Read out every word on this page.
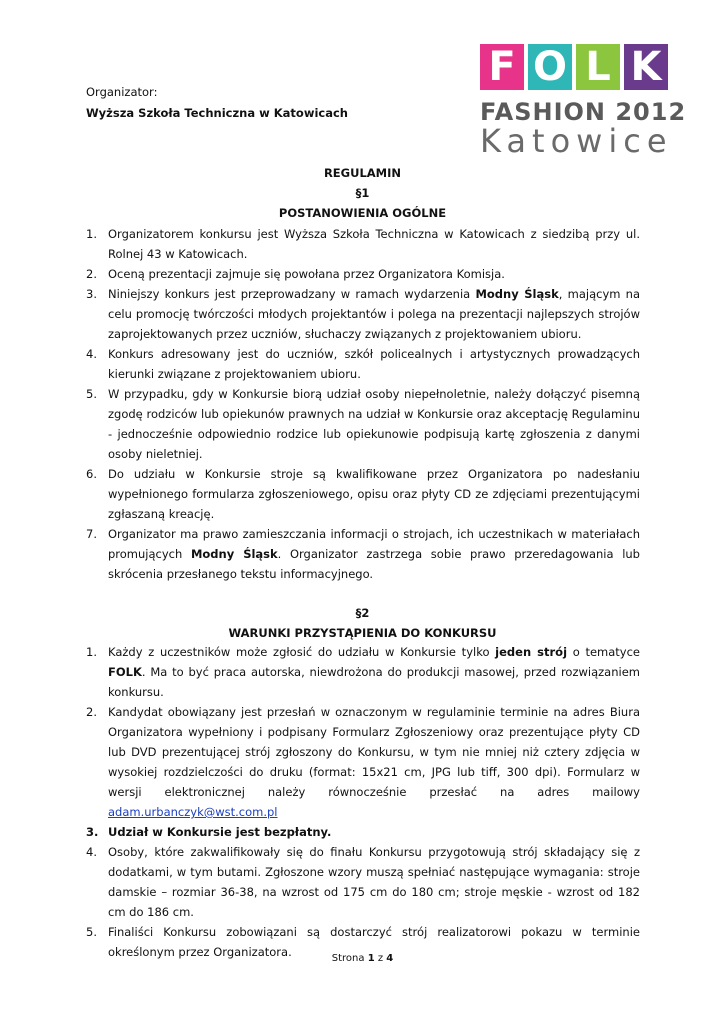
Organizator:
Wyższa Szkoła Techniczna w Katowicach
F O L K
FASHION 2012
Katowice
REGULAMIN
§1
POSTANOWIENIA OGÓLNE
1. Organizatorem konkursu jest Wyższa Szkoła Techniczna w Katowicach z siedzibą przy ul. Rolnej 43 w Katowicach.
2. Oceną prezentacji zajmuje się powołana przez Organizatora Komisja.
3. Niniejszy konkurs jest przeprowadzany w ramach wydarzenia Modny Śląsk, mającym na celu promocję twórczości młodych projektantów i polega na prezentacji najlepszych strojów zaprojektowanych przez uczniów, słuchaczy związanych z projektowaniem ubioru.
4. Konkurs adresowany jest do uczniów, szkół policealnych i artystycznych prowadzących kierunki związane z projektowaniem ubioru.
5. W przypadku, gdy w Konkursie biorą udział osoby niepełnoletnie, należy dołączyć pisemną zgodę rodziców lub opiekunów prawnych na udział w Konkursie oraz akceptację Regulaminu - jednocześnie odpowiednio rodzice lub opiekunowie podpisują kartę zgłoszenia z danymi osoby nieletniej.
6. Do udziału w Konkursie stroje są kwalifikowane przez Organizatora po nadesłaniu wypełnionego formularza zgłoszeniowego, opisu oraz płyty CD ze zdjęciami prezentującymi zgłaszaną kreację.
7. Organizator ma prawo zamieszczania informacji o strojach, ich uczestnikach w materiałach promujących Modny Śląsk. Organizator zastrzega sobie prawo przeredagowania lub skrócenia przesłanego tekstu informacyjnego.
§2
WARUNKI PRZYSTĄPIENIA DO KONKURSU
1. Każdy z uczestników może zgłosić do udziału w Konkursie tylko jeden strój o tematyce FOLK. Ma to być praca autorska, niewdrożona do produkcji masowej, przed rozwiązaniem konkursu.
2. Kandydat obowiązany jest przesłań w oznaczonym w regulaminie terminie na adres Biura Organizatora wypełniony i podpisany Formularz Zgłoszeniowy oraz prezentujące płyty CD lub DVD prezentującej strój zgłoszony do Konkursu, w tym nie mniej niż cztery zdjęcia w wysokiej rozdzielczości do druku (format: 15x21 cm, JPG lub tiff, 300 dpi). Formularz w wersji elektronicznej należy równocześnie przesłać na adres mailowy adam.urbanczyk@wst.com.pl
3. Udział w Konkursie jest bezpłatny.
4. Osoby, które zakwalifikowały się do finału Konkursu przygotowują strój składający się z dodatkami, w tym butami. Zgłoszone wzory muszą spełniać następujące wymagania: stroje damskie – rozmiar 36-38, na wzrost od 175 cm do 180 cm; stroje męskie - wzrost od 182 cm do 186 cm.
5. Finaliści Konkursu zobowiązani są dostarczyć strój realizatorowi pokazu w terminie określonym przez Organizatora.	Strona 1 z 4
